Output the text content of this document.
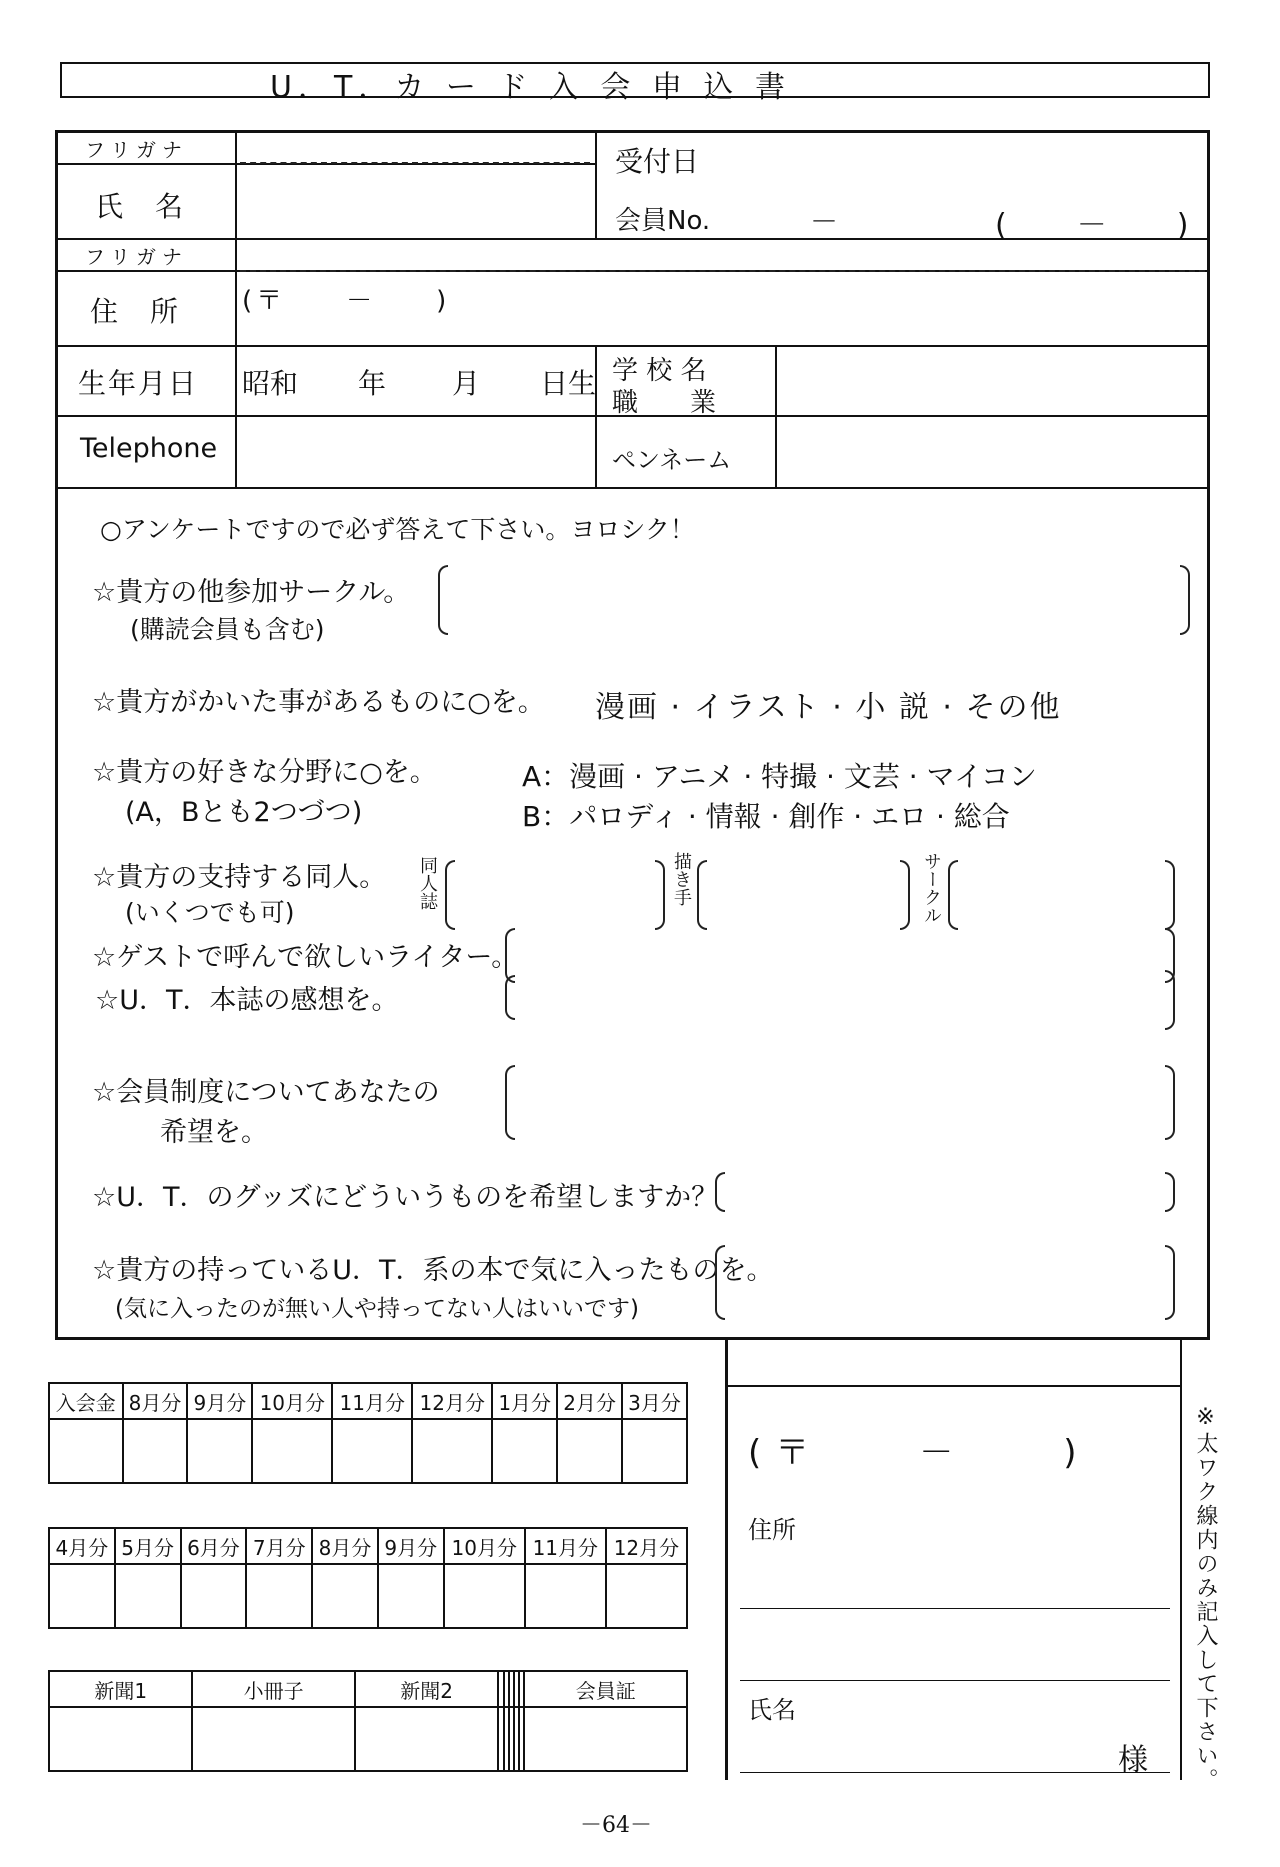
U．T．カ ー ド 入 会 申 込 書
フリガナ
氏　名
受付日
会員No.	－	(　－　)
フリガナ
住　所 (〒　　－　　)
生年月日 昭和 年 月 日生 学 校 名
職　　業
Telephone	ペンネーム
○アンケートですので必ず答えて下さい。ヨロシク！
☆貴方の他参加サークル。
(購読会員も含む)
☆貴方がかいた事があるものに○を。 漫画 · イラスト · 小 説 · その他
☆貴方の好きな分野に○を。
(A，Bとも2つづつ)
A：漫画 · アニメ · 特撮 · 文芸 · マイコン
B：パロディ · 情報 · 創作 · エロ · 総合
☆貴方の支持する同人。
(いくつでも可)
同人誌	描き手	サークル
☆ゲストで呼んで欲しいライター。
☆U．T．本誌の感想を。
☆会員制度についてあなたの
希望を。
☆U．T．のグッズにどういうものを希望しますか？
☆貴方の持っているU．T．系の本で気に入ったものを。
(気に入ったのが無い人や持ってない人はいいです)
入会金	8月分	9月分	10月分	11月分	12月分	1月分	2月分	3月分

4月分	5月分	6月分	7月分	8月分	9月分	10月分	11月分	12月分

新聞1	小冊子	新聞2						会員証

(〒　　－　　)
住所
氏名
様 ※太ワク線内のみ記入して下さい。
－64－
